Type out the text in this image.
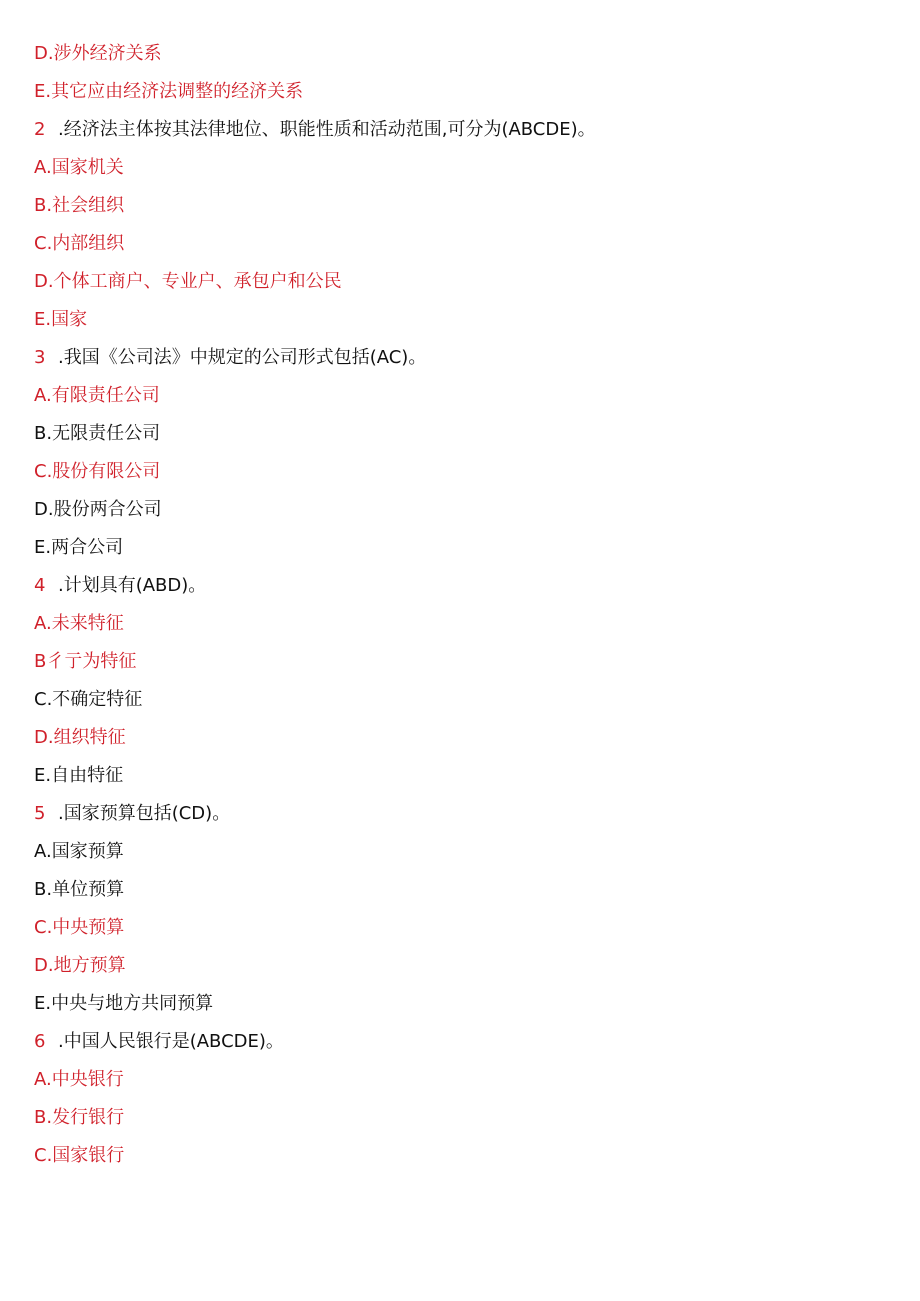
D.涉外经济关系
E.其它应由经济法调整的经济关系
2 .经济法主体按其法律地位、职能性质和活动范围,可分为(ABCDE)。
A.国家机关
B.社会组织
C.内部组织
D.个体工商户、专业户、承包户和公民
E.国家
3 .我国《公司法》中规定的公司形式包括(AC)。
A.有限责任公司
B.无限责任公司
C.股份有限公司
D.股份两合公司
E.两合公司
4 .计划具有(ABD)。
A.未来特征
B彳亍为特征
C.不确定特征
D.组织特征
E.自由特征
5 .国家预算包括(CD)。
A.国家预算
B.单位预算
C.中央预算
D.地方预算
E.中央与地方共同预算
6 .中国人民银行是(ABCDE)。
A.中央银行
B.发行银行
C.国家银行
